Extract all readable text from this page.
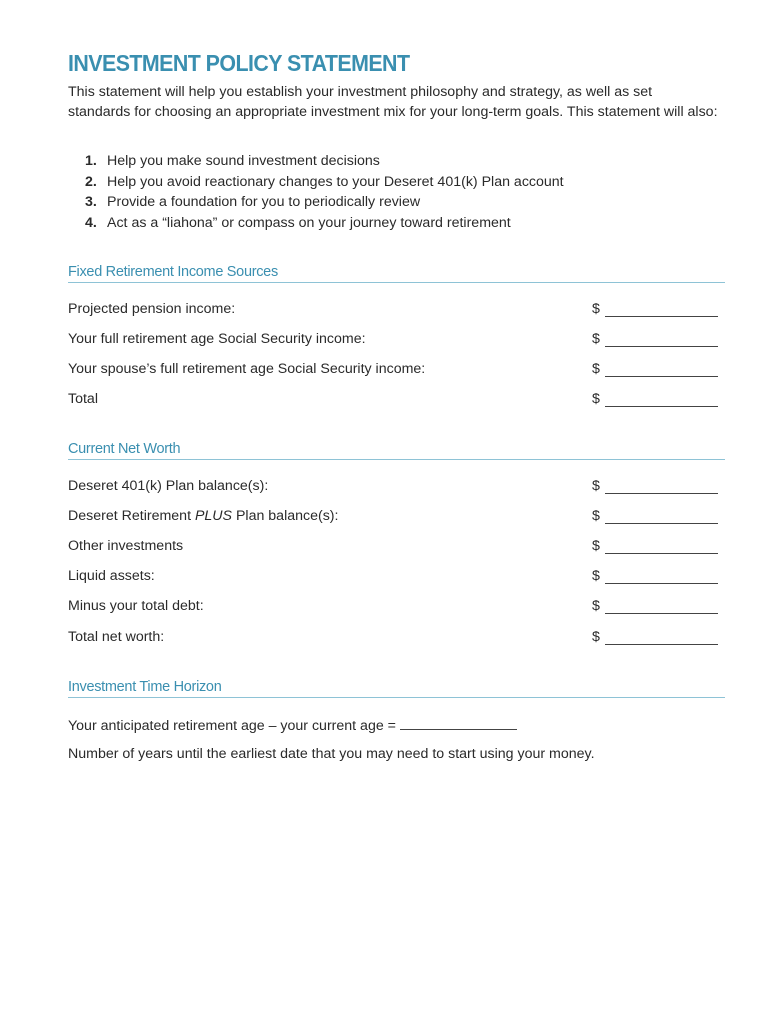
INVESTMENT POLICY STATEMENT
This statement will help you establish your investment philosophy and strategy, as well as set standards for choosing an appropriate investment mix for your long-term goals. This statement will also:
1. Help you make sound investment decisions
2. Help you avoid reactionary changes to your Deseret 401(k) Plan account
3. Provide a foundation for you to periodically review
4. Act as a “liahona” or compass on your journey toward retirement
Fixed Retirement Income Sources
Projected pension income:	$
Your full retirement age Social Security income:	$
Your spouse’s full retirement age Social Security income:	$
Total	$
Current Net Worth
Deseret 401(k) Plan balance(s):	$
Deseret Retirement PLUS Plan balance(s):	$
Other investments	$
Liquid assets:	$
Minus your total debt:	$
Total net worth:	$
Investment Time Horizon
Your anticipated retirement age – your current age =
Number of years until the earliest date that you may need to start using your money.
